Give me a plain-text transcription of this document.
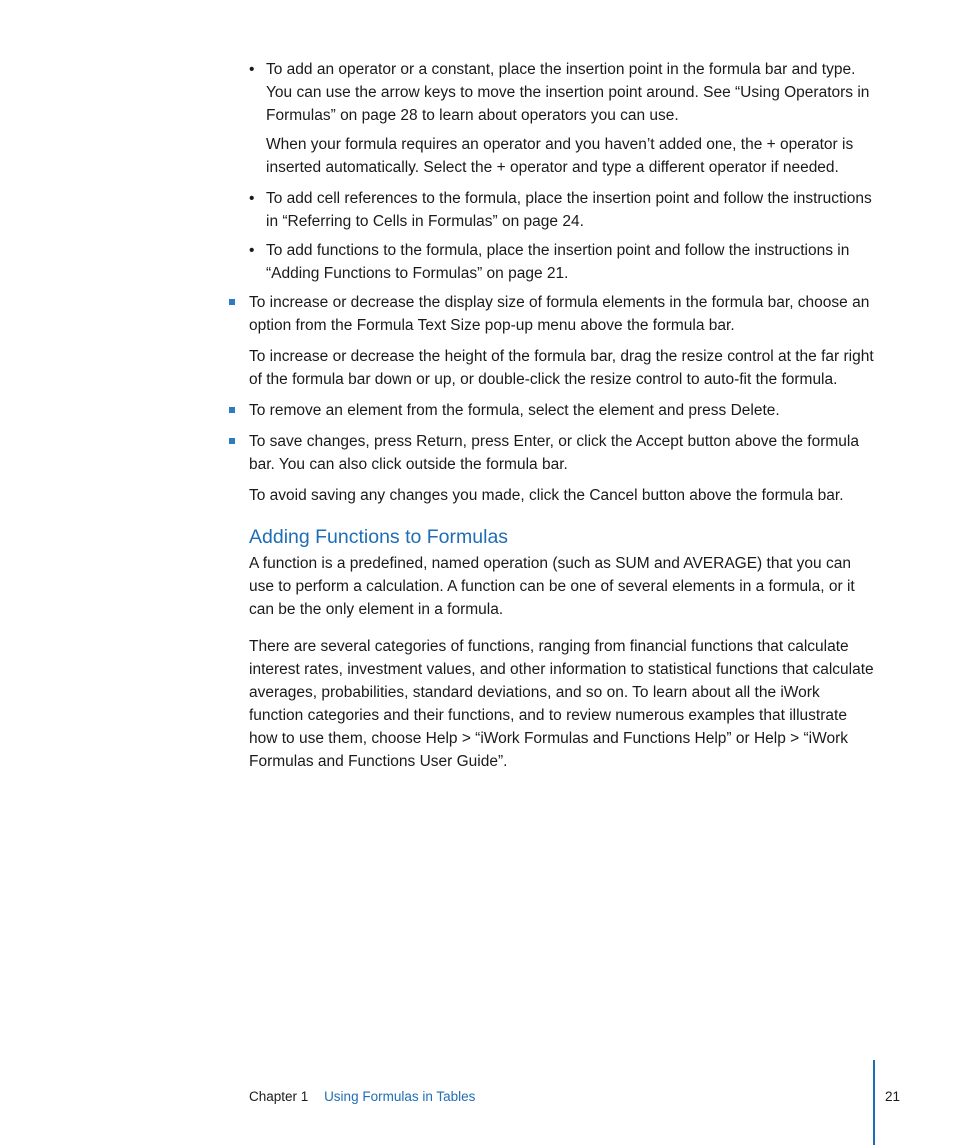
• To add an operator or a constant, place the insertion point in the formula bar and type. You can use the arrow keys to move the insertion point around. See “Using Operators in Formulas” on page 28 to learn about operators you can use.

When your formula requires an operator and you haven’t added one, the + operator is inserted automatically. Select the + operator and type a different operator if needed.

• To add cell references to the formula, place the insertion point and follow the instructions in “Referring to Cells in Formulas” on page 24.
• To add functions to the formula, place the insertion point and follow the instructions in “Adding Functions to Formulas” on page 21.
To increase or decrease the display size of formula elements in the formula bar, choose an option from the Formula Text Size pop-up menu above the formula bar.

To increase or decrease the height of the formula bar, drag the resize control at the far right of the formula bar down or up, or double-click the resize control to auto-fit the formula.

To remove an element from the formula, select the element and press Delete.
To save changes, press Return, press Enter, or click the Accept button above the formula bar. You can also click outside the formula bar.

To avoid saving any changes you made, click the Cancel button above the formula bar.

Adding Functions to Formulas

A function is a predefined, named operation (such as SUM and AVERAGE) that you can use to perform a calculation. A function can be one of several elements in a formula, or it can be the only element in a formula.

There are several categories of functions, ranging from financial functions that calculate interest rates, investment values, and other information to statistical functions that calculate averages, probabilities, standard deviations, and so on. To learn about all the iWork function categories and their functions, and to review numerous examples that illustrate how to use them, choose Help > “iWork Formulas and Functions Help” or Help > “iWork Formulas and Functions User Guide”.

Chapter 1 Using Formulas in Tables	21
